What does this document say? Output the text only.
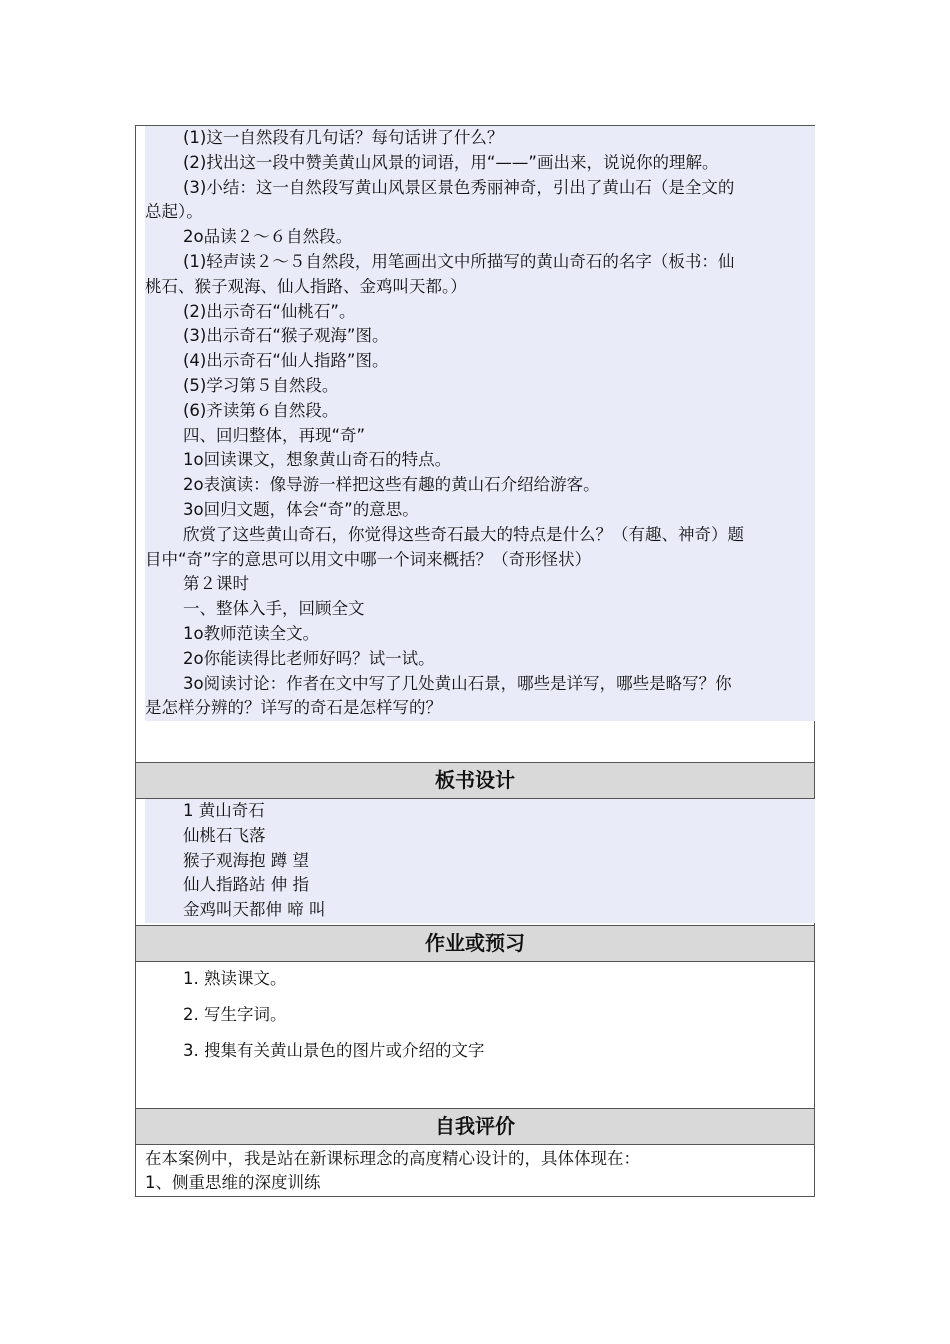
(1)这一自然段有几句话？每句话讲了什么？
(2)找出这一段中赞美黄山风景的词语，用“——”画出来，说说你的理解。
(3)小结：这一自然段写黄山风景区景色秀丽神奇，引出了黄山石（是全文的
总起）。
2o品读２～６自然段。
(1)轻声读２～５自然段，用笔画出文中所描写的黄山奇石的名字（板书：仙
桃石、猴子观海、仙人指路、金鸡叫天都。）
(2)出示奇石“仙桃石”。
(3)出示奇石“猴子观海”图。
(4)出示奇石“仙人指路”图。
(5)学习第５自然段。
(6)齐读第６自然段。
四、回归整体，再现“奇”
1o回读课文，想象黄山奇石的特点。
2o表演读：像导游一样把这些有趣的黄山石介绍给游客。
3o回归文题，体会“奇”的意思。
欣赏了这些黄山奇石，你觉得这些奇石最大的特点是什么？（有趣、神奇）题
目中“奇”字的意思可以用文中哪一个词来概括？（奇形怪状）
第２课时
一、整体入手，回顾全文
1o教师范读全文。
2o你能读得比老师好吗？试一试。
3o阅读讨论：作者在文中写了几处黄山石景，哪些是详写，哪些是略写？你
是怎样分辨的？详写的奇石是怎样写的？
板书设计
1 黄山奇石
仙桃石飞落
猴子观海抱 蹲 望
仙人指路站 伸 指
金鸡叫天都伸 啼 叫
作业或预习
1. 熟读课文。
2. 写生字词。
3. 搜集有关黄山景色的图片或介绍的文字
自我评价
在本案例中，我是站在新课标理念的高度精心设计的，具体体现在：
1、侧重思维的深度训练
